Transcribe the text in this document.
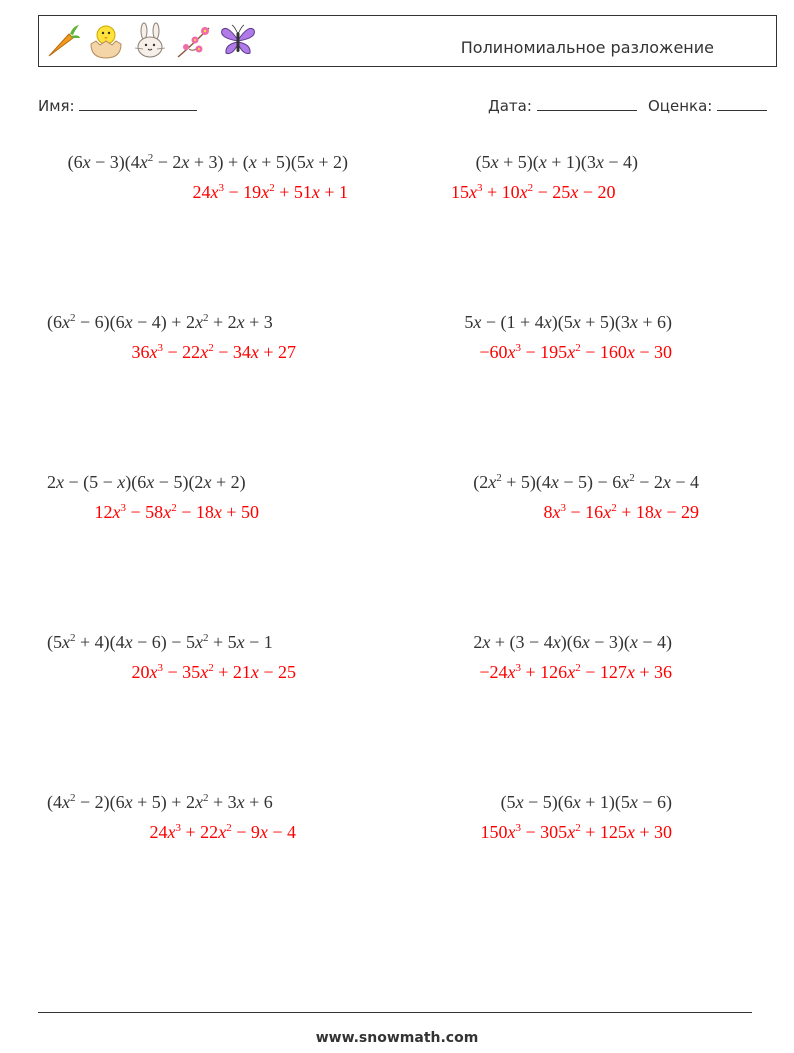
Полиномиальное разложение
Имя:	Дата:	Оценка:
$(6x - 3)(4x^2 - 2x + 3) + (x + 5)(5x + 2)$
$24x^3 - 19x^2 + 51x + 1$
(5x + 5)(x + 1)(3x − 4)
$15x^3 + 10x^2 - 25x - 20$
$(6x^2 - 6)(6x - 4) + 2x^2 + 2x + 3$
$36x^3 - 22x^2 - 34x + 27$
5x − (1 + 4x)(5x + 5)(3x + 6)
$-60x^3 - 195x^2 - 160x - 30$
2x − (5 − x)(6x − 5)(2x + 2)
$12x^3 - 58x^2 - 18x + 50$
$(2x^2 + 5)(4x - 5) - 6x^2 - 2x - 4$
$8x^3 - 16x^2 + 18x - 29$
$(5x^2 + 4)(4x - 6) - 5x^2 + 5x - 1$
$20x^3 - 35x^2 + 21x - 25$
2x + (3 − 4x)(6x − 3)(x − 4)
$-24x^3 + 126x^2 - 127x + 36$
$(4x^2 - 2)(6x + 5) + 2x^2 + 3x + 6$
$24x^3 + 22x^2 - 9x - 4$
(5x − 5)(6x + 1)(5x − 6)
$150x^3 - 305x^2 + 125x + 30$
www.snowmath.com
